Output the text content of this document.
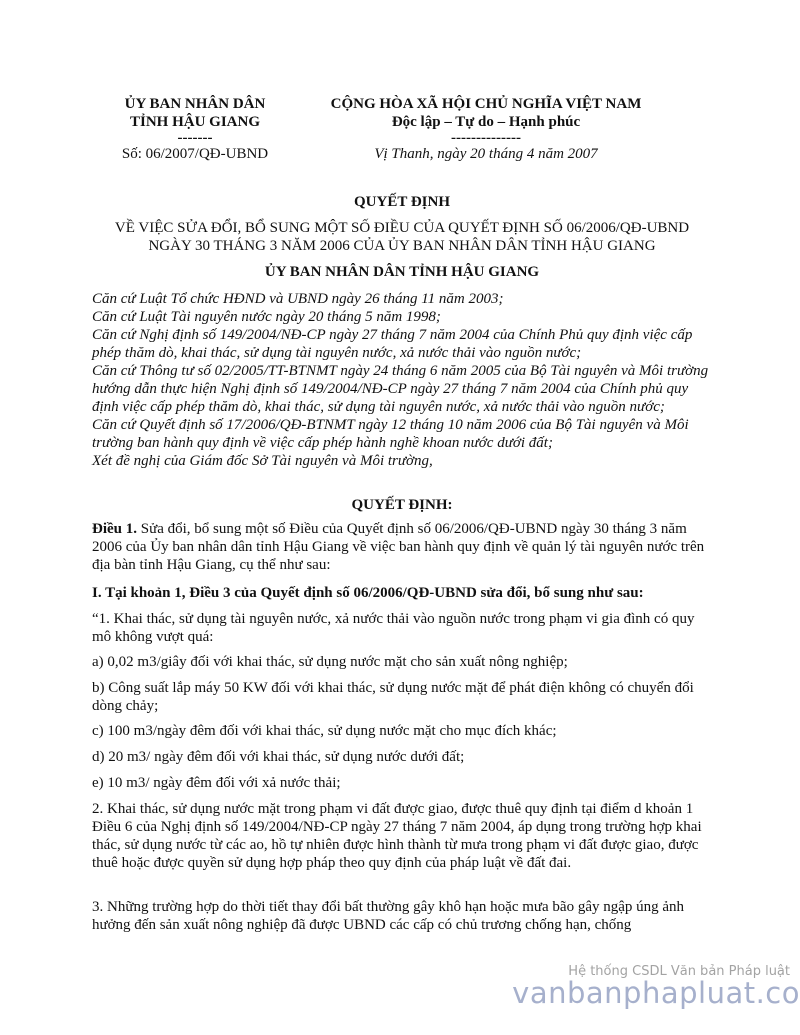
ỦY BAN NHÂN DÂN
TỈNH HẬU GIANG
-------
Số: 06/2007/QĐ-UBND
CỘNG HÒA XÃ HỘI CHỦ NGHĨA VIỆT NAM
Độc lập – Tự do – Hạnh phúc
--------------
Vị Thanh, ngày 20 tháng 4 năm 2007
QUYẾT ĐỊNH
VỀ VIỆC SỬA ĐỔI, BỔ SUNG MỘT SỐ ĐIỀU CỦA QUYẾT ĐỊNH SỐ 06/2006/QĐ-UBND
NGÀY 30 THÁNG 3 NĂM 2006 CỦA ỦY BAN NHÂN DÂN TỈNH HẬU GIANG
ỦY BAN NHÂN DÂN TỈNH HẬU GIANG

Căn cứ Luật Tổ chức HĐND và UBND ngày 26 tháng 11 năm 2003;

Căn cứ Luật Tài nguyên nước ngày 20 tháng 5 năm 1998;

Căn cứ Nghị định số 149/2004/NĐ-CP ngày 27 tháng 7 năm 2004 của Chính Phủ quy định việc cấp phép thăm dò, khai thác, sử dụng tài nguyên nước, xả nước thải vào nguồn nước;

Căn cứ Thông tư số 02/2005/TT-BTNMT ngày 24 tháng 6 năm 2005 của Bộ Tài nguyên và Môi trường hướng dẫn thực hiện Nghị định số 149/2004/NĐ-CP ngày 27 tháng 7 năm 2004 của Chính phủ quy định việc cấp phép thăm dò, khai thác, sử dụng tài nguyên nước, xả nước thải vào nguồn nước;

Căn cứ Quyết định số 17/2006/QĐ-BTNMT ngày 12 tháng 10 năm 2006 của Bộ Tài nguyên và Môi trường ban hành quy định về việc cấp phép hành nghề khoan nước dưới đất;

Xét đề nghị của Giám đốc Sở Tài nguyên và Môi trường,

QUYẾT ĐỊNH:

Điều 1. Sửa đổi, bổ sung một số Điều của Quyết định số 06/2006/QĐ-UBND ngày 30 tháng 3 năm 2006 của Ủy ban nhân dân tỉnh Hậu Giang về việc ban hành quy định về quản lý tài nguyên nước trên địa bàn tỉnh Hậu Giang, cụ thể như sau:

I. Tại khoản 1, Điều 3 của Quyết định số 06/2006/QĐ-UBND sửa đổi, bổ sung như sau:

“1. Khai thác, sử dụng tài nguyên nước, xả nước thải vào nguồn nước trong phạm vi gia đình có quy mô không vượt quá:

a) 0,02 m3/giây đối với khai thác, sử dụng nước mặt cho sản xuất nông nghiệp;

b) Công suất lắp máy 50 KW đối với khai thác, sử dụng nước mặt để phát điện không có chuyển đổi dòng chảy;

c) 100 m3/ngày đêm đối với khai thác, sử dụng nước mặt cho mục đích khác;

d) 20 m3/ ngày đêm đối với khai thác, sử dụng nước dưới đất;

e) 10 m3/ ngày đêm đối với xả nước thải;

2. Khai thác, sử dụng nước mặt trong phạm vi đất được giao, được thuê quy định tại điểm d khoản 1 Điều 6 của Nghị định số 149/2004/NĐ-CP ngày 27 tháng 7 năm 2004, áp dụng trong trường hợp khai thác, sử dụng nước từ các ao, hồ tự nhiên được hình thành từ mưa trong phạm vi đất được giao, được thuê hoặc được quyền sử dụng hợp pháp theo quy định của pháp luật về đất đai.

3. Những trường hợp do thời tiết thay đổi bất thường gây khô hạn hoặc mưa bão gây ngập úng ảnh hưởng đến sản xuất nông nghiệp đã được UBND các cấp có chủ trương chống hạn, chống

Hệ thống CSDL Văn bản Pháp luật
vanbanphapluat.co
